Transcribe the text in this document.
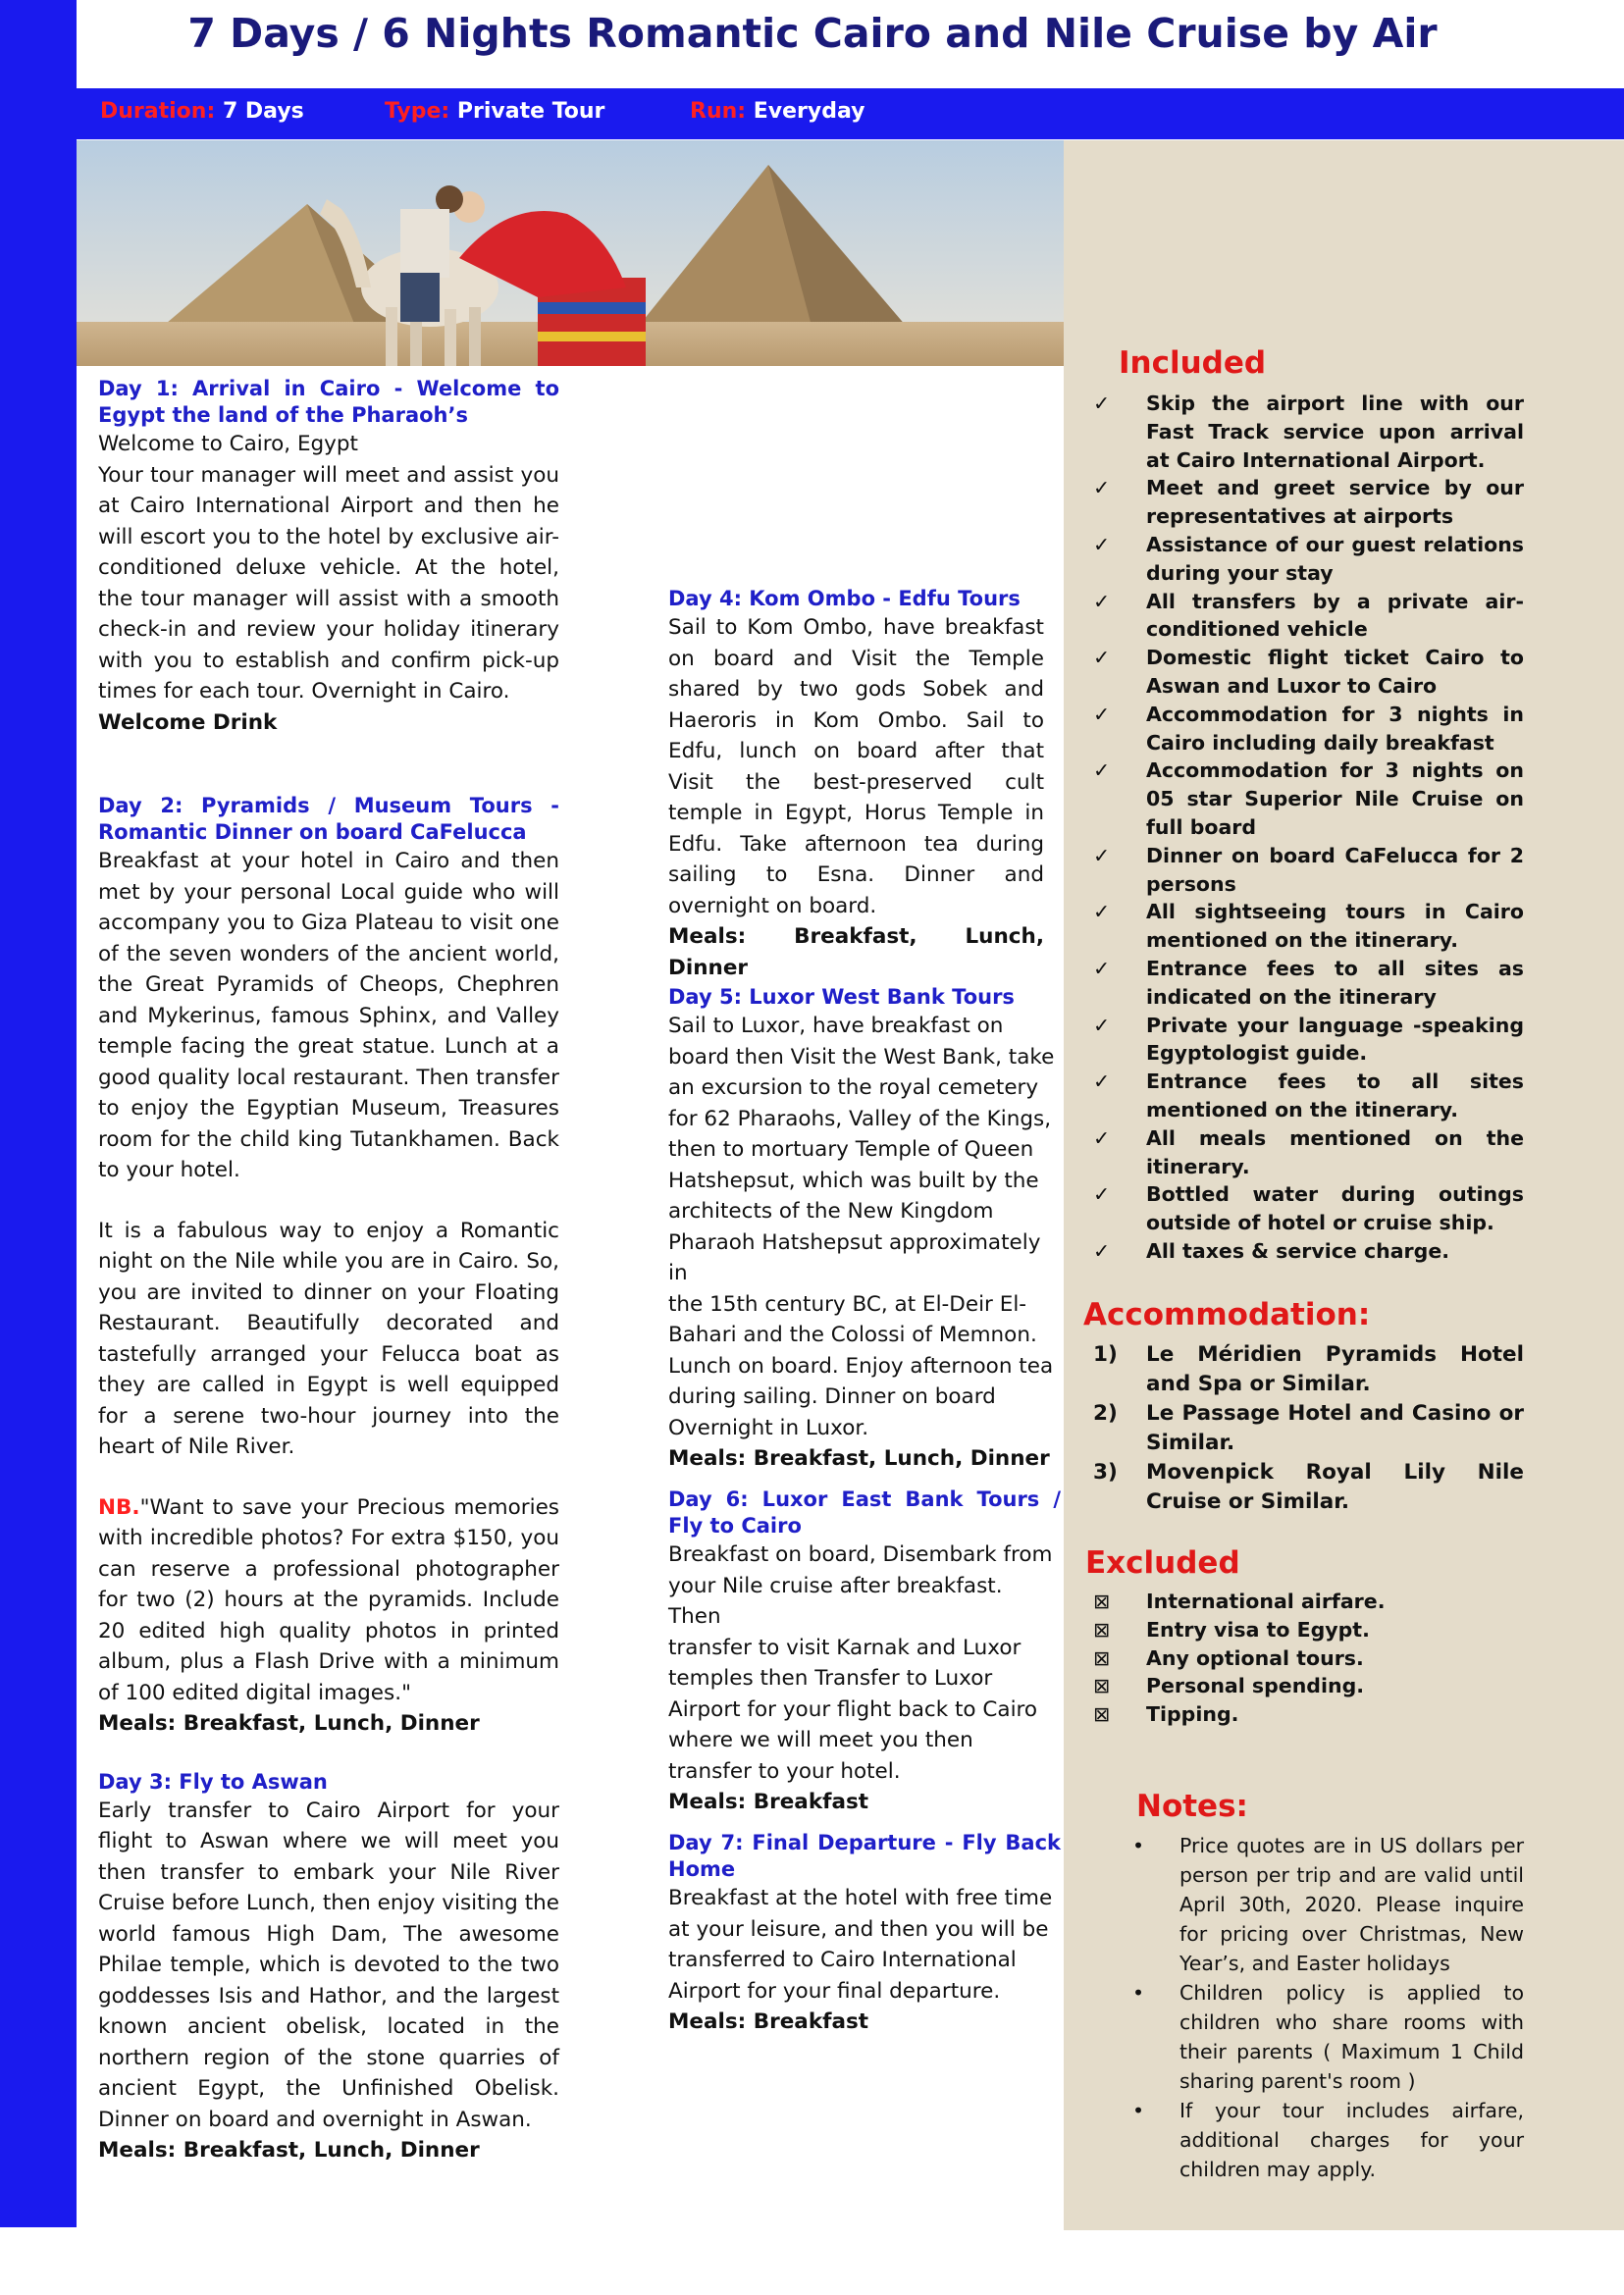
7 Days / 6 Nights Romantic Cairo and Nile Cruise by Air
Duration: 7 Days	Type: Private Tour	Run: Everyday

Day 1: Arrival in Cairo - Welcome to Egypt the land of the Pharaoh’s

Welcome to Cairo, Egypt

Your tour manager will meet and assist you at Cairo International Airport and then he will escort you to the hotel by exclusive air-conditioned deluxe vehicle. At the hotel, the tour manager will assist with a smooth check-in and review your holiday itinerary with you to establish and confirm pick-up times for each tour. Overnight in Cairo.

Welcome Drink

Day 2: Pyramids / Museum Tours - Romantic Dinner on board CaFelucca

Breakfast at your hotel in Cairo and then met by your personal Local guide who will accompany you to Giza Plateau to visit one of the seven wonders of the ancient world, the Great Pyramids of Cheops, Chephren and Mykerinus, famous Sphinx, and Valley temple facing the great statue. Lunch at a good quality local restaurant. Then transfer to enjoy the Egyptian Museum, Treasures room for the child king Tutankhamen. Back to your hotel.

It is a fabulous way to enjoy a Romantic night on the Nile while you are in Cairo. So, you are invited to dinner on your Floating Restaurant. Beautifully decorated and tastefully arranged your Felucca boat as they are called in Egypt is well equipped for a serene two-hour journey into the heart of Nile River.

NB."Want to save your Precious memories with incredible photos? For extra $150, you can reserve a professional photographer for two (2) hours at the pyramids. Include 20 edited high quality photos in printed album, plus a Flash Drive with a minimum of 100 edited digital images."

Meals: Breakfast, Lunch, Dinner

Day 3: Fly to Aswan

Early transfer to Cairo Airport for your flight to Aswan where we will meet you then transfer to embark your Nile River Cruise before Lunch, then enjoy visiting the world famous High Dam, The awesome Philae temple, which is devoted to the two goddesses Isis and Hathor, and the largest known ancient obelisk, located in the northern region of the stone quarries of ancient Egypt, the Unfinished Obelisk. Dinner on board and overnight in Aswan.

Meals: Breakfast, Lunch, Dinner

Day 4: Kom Ombo - Edfu Tours

Sail to Kom Ombo, have breakfast on board and Visit the Temple shared by two gods Sobek and Haeroris in Kom Ombo. Sail to Edfu, lunch on board after that Visit the best-preserved cult temple in Egypt, Horus Temple in Edfu. Take afternoon tea during sailing to Esna. Dinner and overnight on board.

Meals: Breakfast, Lunch, Dinner

Day 5: Luxor West Bank Tours

Sail to Luxor, have breakfast on
board then Visit the West Bank, take
an excursion to the royal cemetery
for 62 Pharaohs, Valley of the Kings,
then to mortuary Temple of Queen
Hatshepsut, which was built by the
architects of the New Kingdom
Pharaoh Hatshepsut approximately in
the 15th century BC, at El-Deir El-
Bahari and the Colossi of Memnon.
Lunch on board. Enjoy afternoon tea
during sailing. Dinner on board
Overnight in Luxor.

Meals: Breakfast, Lunch, Dinner

Day 6: Luxor East Bank Tours / Fly to Cairo

Breakfast on board, Disembark from
your Nile cruise after breakfast. Then
transfer to visit Karnak and Luxor
temples then Transfer to Luxor
Airport for your flight back to Cairo
where we will meet you then
transfer to your hotel.

Meals: Breakfast

Day 7: Final Departure - Fly Back Home

Breakfast at the hotel with free time
at your leisure, and then you will be
transferred to Cairo International
Airport for your final departure.

Meals: Breakfast

Included
✓ Skip the airport line with our Fast Track service upon arrival at Cairo International Airport.
✓ Meet and greet service by our representatives at airports
✓ Assistance of our guest relations during your stay
✓ All transfers by a private air-conditioned vehicle
✓ Domestic flight ticket Cairo to Aswan and Luxor to Cairo
✓ Accommodation for 3 nights in Cairo including daily breakfast
✓ Accommodation for 3 nights on 05 star Superior Nile Cruise on full board
✓ Dinner on board CaFelucca for 2 persons
✓ All sightseeing tours in Cairo mentioned on the itinerary.
✓ Entrance fees to all sites as indicated on the itinerary
✓ Private your language -speaking Egyptologist guide.
✓ Entrance fees to all sites mentioned on the itinerary.
✓ All meals mentioned on the itinerary.
✓ Bottled water during outings outside of hotel or cruise ship.
✓ All taxes & service charge.
Accommodation:
1) Le Méridien Pyramids Hotel and Spa or Similar.
2) Le Passage Hotel and Casino or Similar.
3) Movenpick Royal Lily Nile Cruise or Similar.
Excluded
⊠ International airfare.
⊠ Entry visa to Egypt.
⊠ Any optional tours.
⊠ Personal spending.
⊠ Tipping.
Notes:
• Price quotes are in US dollars per person per trip and are valid until April 30th, 2020. Please inquire for pricing over Christmas, New Year’s, and Easter holidays
• Children policy is applied to children who share rooms with their parents ( Maximum 1 Child sharing parent's room )
• If your tour includes airfare, additional charges for your children may apply.
